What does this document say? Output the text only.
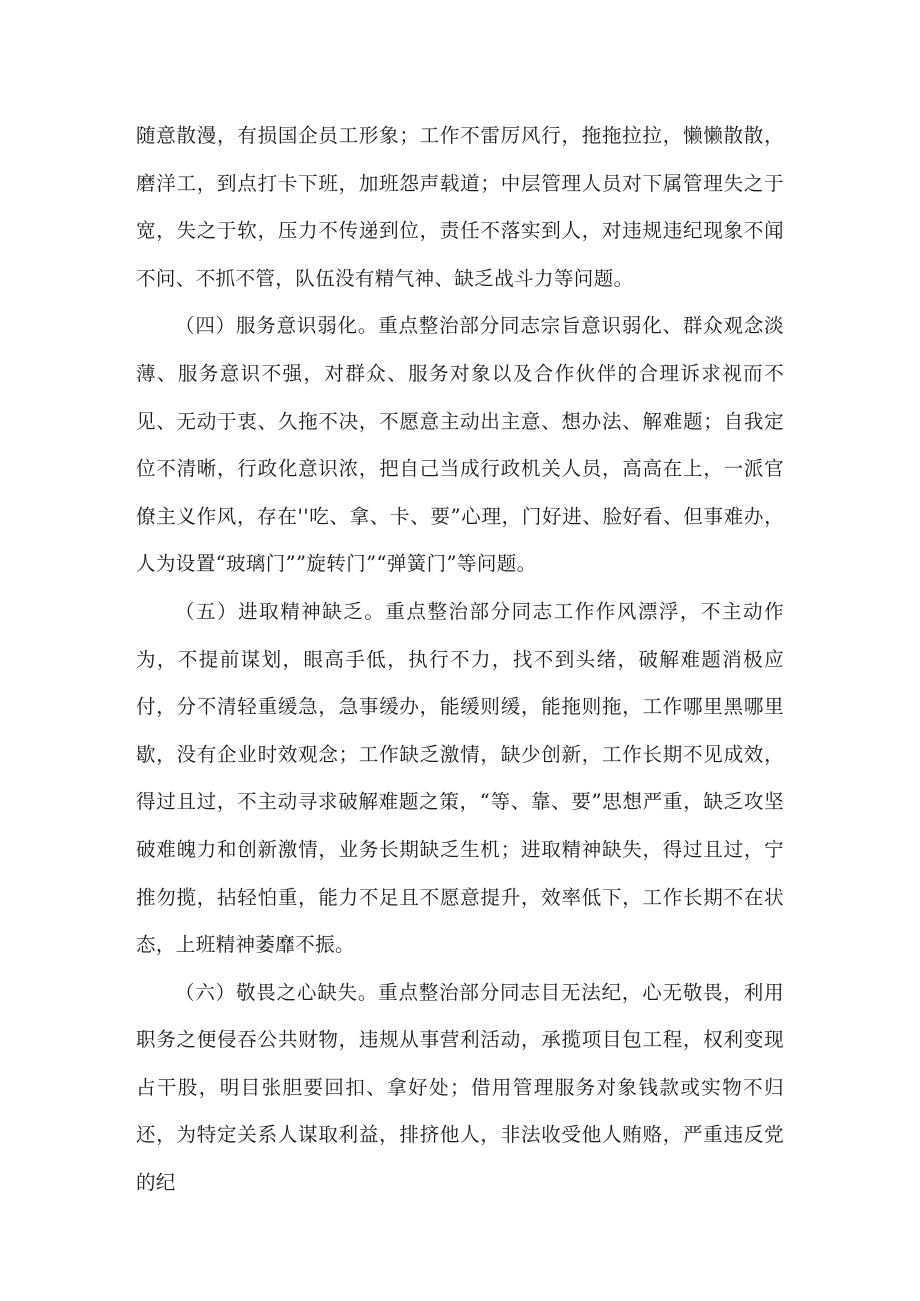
随意散漫，有损国企员工形象；工作不雷厉风行，拖拖拉拉，懒懒散散，磨洋工，到点打卡下班，加班怨声载道；中层管理人员对下属管理失之于宽，失之于软，压力不传递到位，责任不落实到人，对违规违纪现象不闻不问、不抓不管，队伍没有精气神、缺乏战斗力等问题。

（四）服务意识弱化。重点整治部分同志宗旨意识弱化、群众观念淡薄、服务意识不强，对群众、服务对象以及合作伙伴的合理诉求视而不见、无动于衷、久拖不决，不愿意主动出主意、想办法、解难题；自我定位不清晰，行政化意识浓，把自己当成行政机关人员，高高在上，一派官僚主义作风，存在''吃、拿、卡、要”心理，门好进、脸好看、但事难办，人为设置“玻璃门””旋转门”“弹簧门”等问题。

（五）进取精神缺乏。重点整治部分同志工作作风漂浮，不主动作为，不提前谋划，眼高手低，执行不力，找不到头绪，破解难题消极应付，分不清轻重缓急，急事缓办，能缓则缓，能拖则拖，工作哪里黑哪里歇，没有企业时效观念；工作缺乏激情，缺少创新，工作长期不见成效，得过且过，不主动寻求破解难题之策，“等、靠、要”思想严重，缺乏攻坚破难魄力和创新激情，业务长期缺乏生机；进取精神缺失，得过且过，宁推勿揽，拈轻怕重，能力不足且不愿意提升，效率低下，工作长期不在状态，上班精神萎靡不振。

（六）敬畏之心缺失。重点整治部分同志目无法纪，心无敬畏，利用职务之便侵吞公共财物，违规从事营利活动，承揽项目包工程，权利变现占干股，明目张胆要回扣、拿好处；借用管理服务对象钱款或实物不归还，为特定关系人谋取利益，排挤他人，非法收受他人贿赂，严重违反党的纪
